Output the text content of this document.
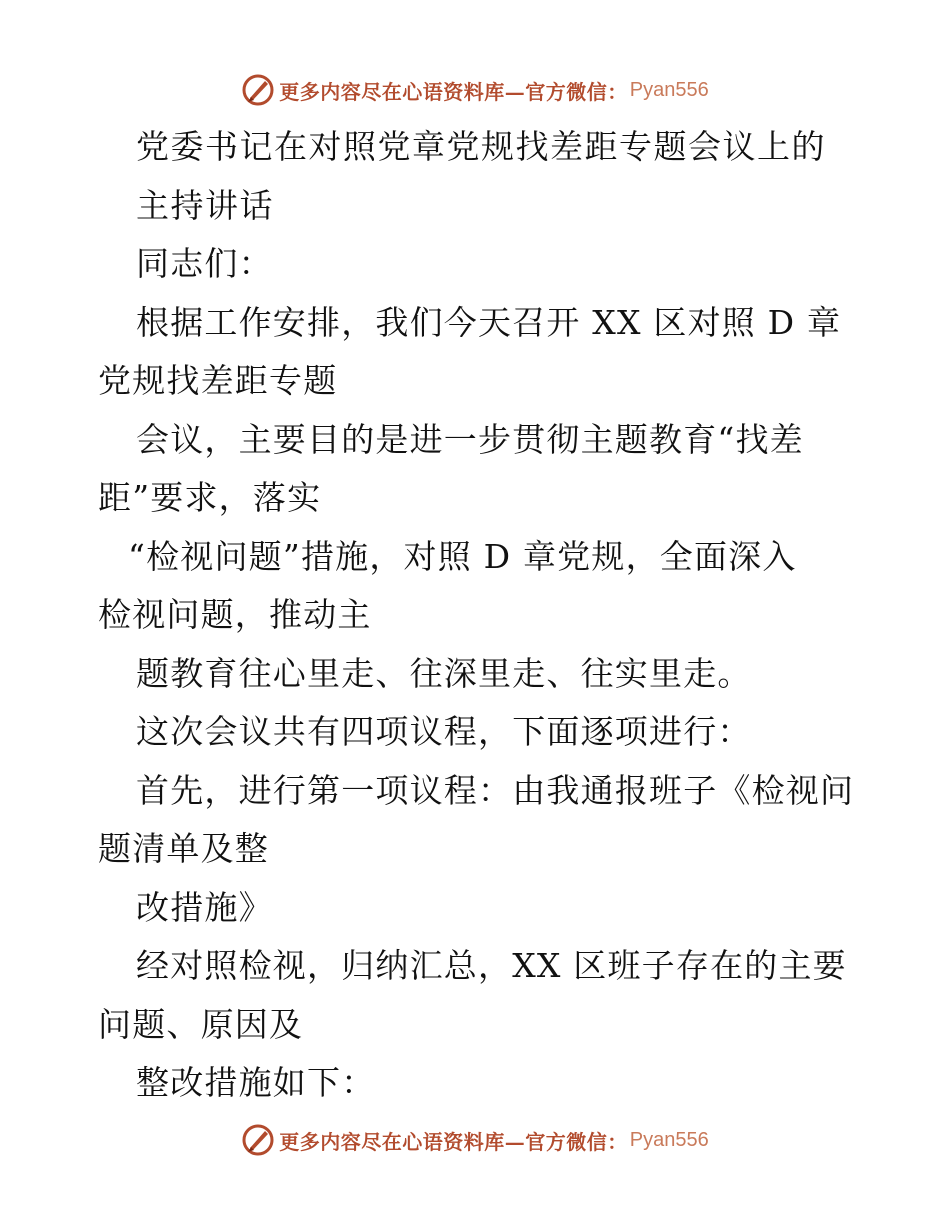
更多内容尽在心语资料库—官方微信： Pyan556
党委书记在对照党章党规找差距专题会议上的
主持讲话
同志们：
根据工作安排，我们今天召开 XX 区对照 D 章
党规找差距专题
会议，主要目的是进一步贯彻主题教育“找差
距”要求，落实
“检视问题”措施，对照 D 章党规，全面深入
检视问题，推动主
题教育往心里走、往深里走、往实里走。
这次会议共有四项议程，下面逐项进行：
首先，进行第一项议程：由我通报班子《检视问
题清单及整
改措施》
经对照检视，归纳汇总，XX 区班子存在的主要
问题、原因及
整改措施如下：
更多内容尽在心语资料库—官方微信： Pyan556
